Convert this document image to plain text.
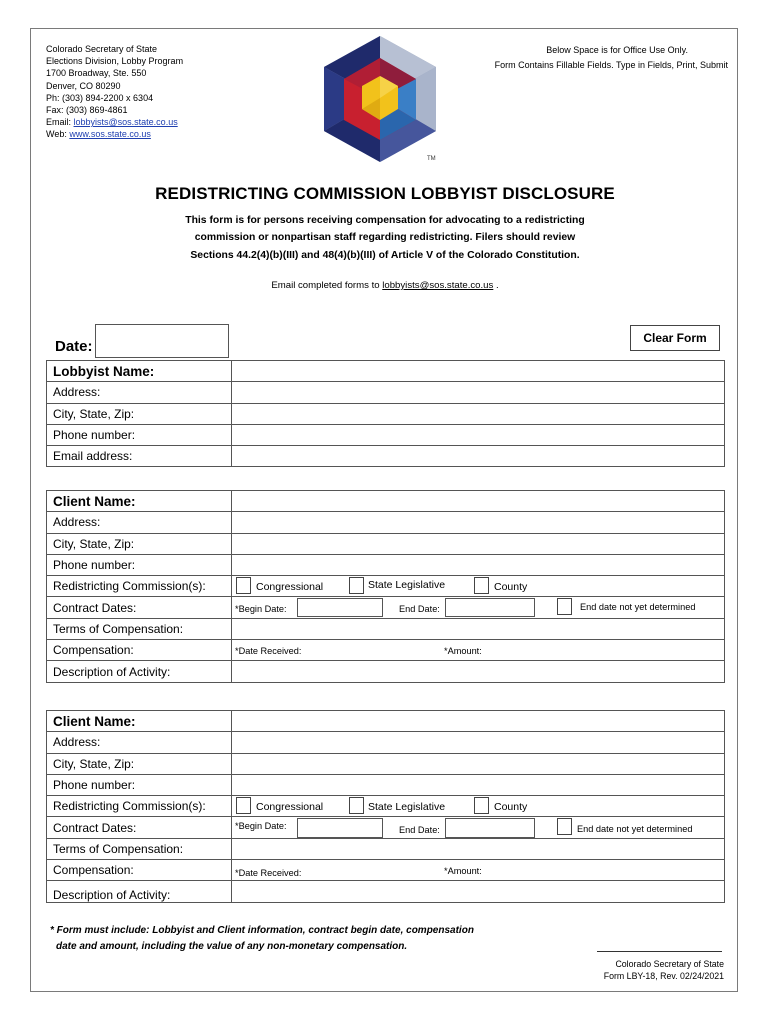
Colorado Secretary of State
Elections Division, Lobby Program
1700 Broadway, Ste. 550
Denver, CO 80290
Ph: (303) 894-2200 x 6304
Fax: (303) 869-4861
Email: lobbyists@sos.state.co.us
Web: www.sos.state.co.us
Below Space is for Office Use Only.
Form Contains Fillable Fields. Type in Fields, Print, Submit
TM
REDISTRICTING COMMISSION LOBBYIST DISCLOSURE
This form is for persons receiving compensation for advocating to a redistricting
commission or nonpartisan staff regarding redistricting. Filers should review
Sections 44.2(4)(b)(III) and 48(4)(b)(III) of Article V of the Colorado Constitution.
Email completed forms to lobbyists@sos.state.co.us .
Date:	Clear Form
Lobbyist Name:	
Address:	
City, State, Zip:	
Phone number:	
Email address:	
Client Name:	
Address:	
City, State, Zip:	
Phone number:	
Redistricting Commission(s):	Congressional State Legislative County

Contract Dates:	*Begin Date: End Date: End date not yet determined

Terms of Compensation:	
Compensation:	*Date Received: *Amount:

Description of Activity:	
Client Name:	
Address:	
City, State, Zip:	
Phone number:	
Redistricting Commission(s):	Congressional State Legislative County

Contract Dates:	*Begin Date: End Date: End date not yet determined

Terms of Compensation:	
Compensation:	*Date Received: *Amount:

Description of Activity:	
* Form must include: Lobbyist and Client information, contract begin date, compensation
date and amount, including the value of any non-monetary compensation.
Colorado Secretary of State
Form LBY-18, Rev. 02/24/2021
